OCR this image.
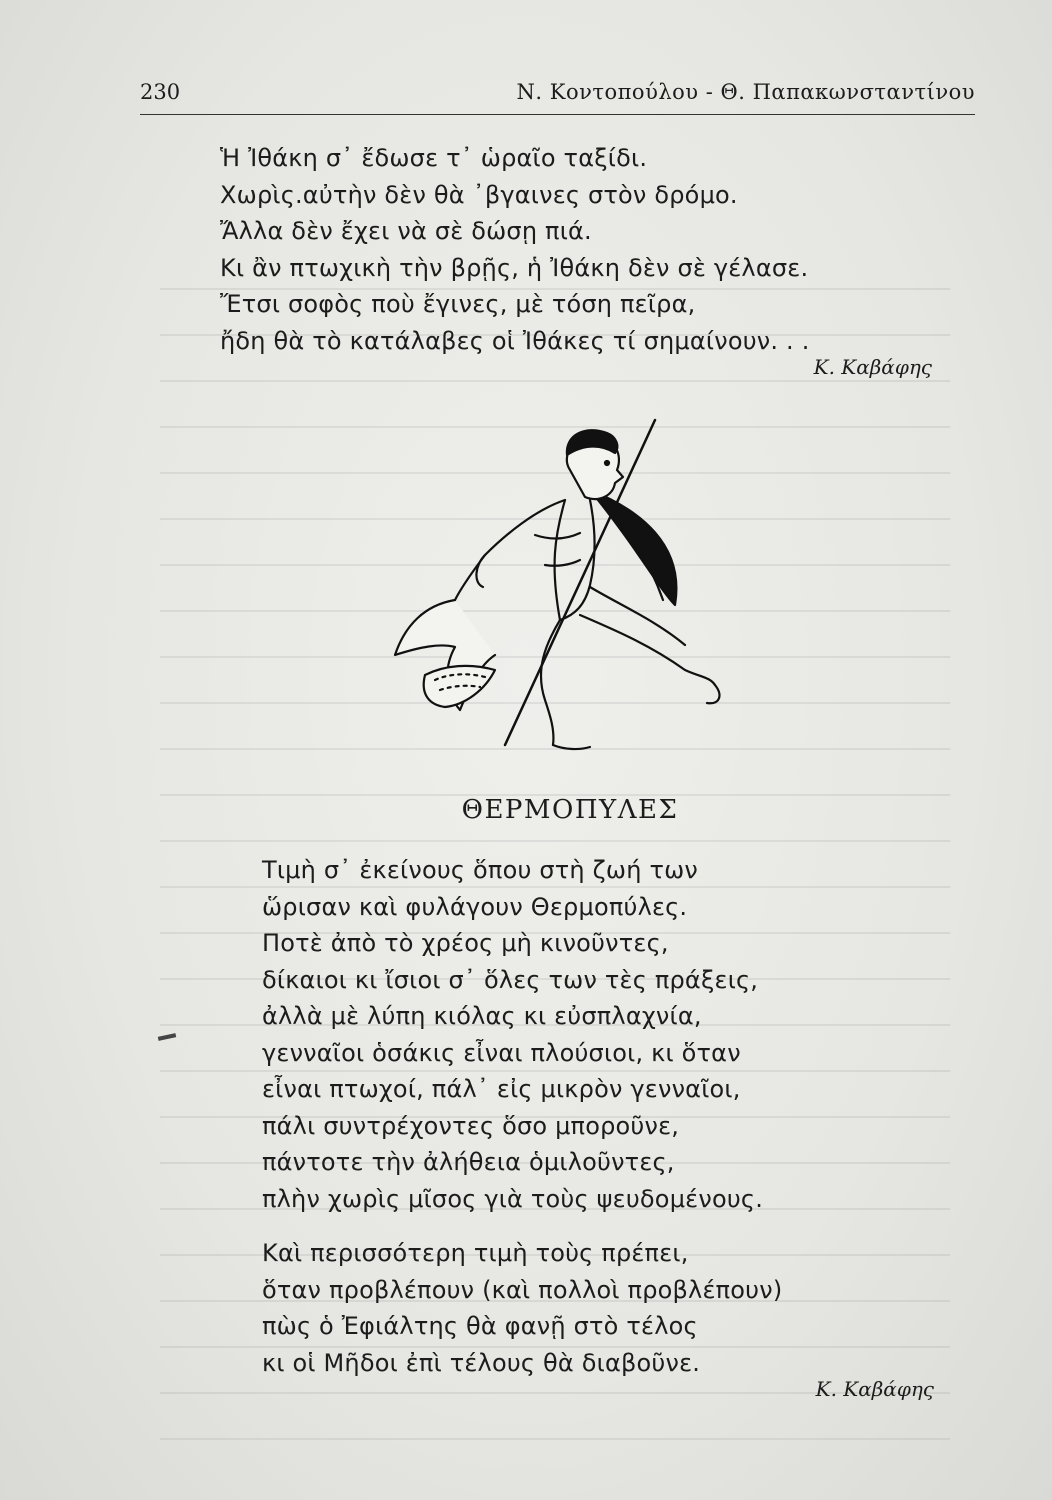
230	Ν. Κοντοπούλου - Θ. Παπακωνσταντίνου
Ἡ Ἰθάκη σ᾽ ἔδωσε τ᾽ ὡραῖο ταξίδι.
Χωρὶς.αὐτὴν δὲν θὰ ᾽βγαινες στὸν δρόμο.
Ἄλλα δὲν ἔχει νὰ σὲ δώσῃ πιά.
Κι ἂν πτωχικὴ τὴν βρῇς, ἡ Ἰθάκη δὲν σὲ γέλασε.
Ἔτσι σοφὸς ποὺ ἔγινες, μὲ τόση πεῖρα,
ἤδη θὰ τὸ κατάλαβες οἱ Ἰθάκες τί σημαίνουν. . .
Κ. Καβάφης
ΘΕΡΜΟΠΥΛΕΣ
Τιμὴ σ᾽ ἐκείνους ὅπου στὴ ζωή των
ὥρισαν καὶ φυλάγουν Θερμοπύλες.
Ποτὲ ἀπὸ τὸ χρέος μὴ κινοῦντες,
δίκαιοι κι ἴσιοι σ᾽ ὅλες των τὲς πράξεις,
ἀλλὰ μὲ λύπη κιόλας κι εὐσπλαχνία,
γενναῖοι ὁσάκις εἶναι πλούσιοι, κι ὅταν
εἶναι πτωχοί, πάλ᾽ εἰς μικρὸν γενναῖοι,
πάλι συντρέχοντες ὅσο μποροῦνε,
πάντοτε τὴν ἀλήθεια ὁμιλοῦντες,
πλὴν χωρὶς μῖσος γιὰ τοὺς ψευδομένους.
Καὶ περισσότερη τιμὴ τοὺς πρέπει,
ὅταν προβλέπουν (καὶ πολλοὶ προβλέπουν)
πὼς ὁ Ἐφιάλτης θὰ φανῇ στὸ τέλος
κι οἱ Μῆδοι ἐπὶ τέλους θὰ διαβοῦνε.
Κ. Καβάφης
